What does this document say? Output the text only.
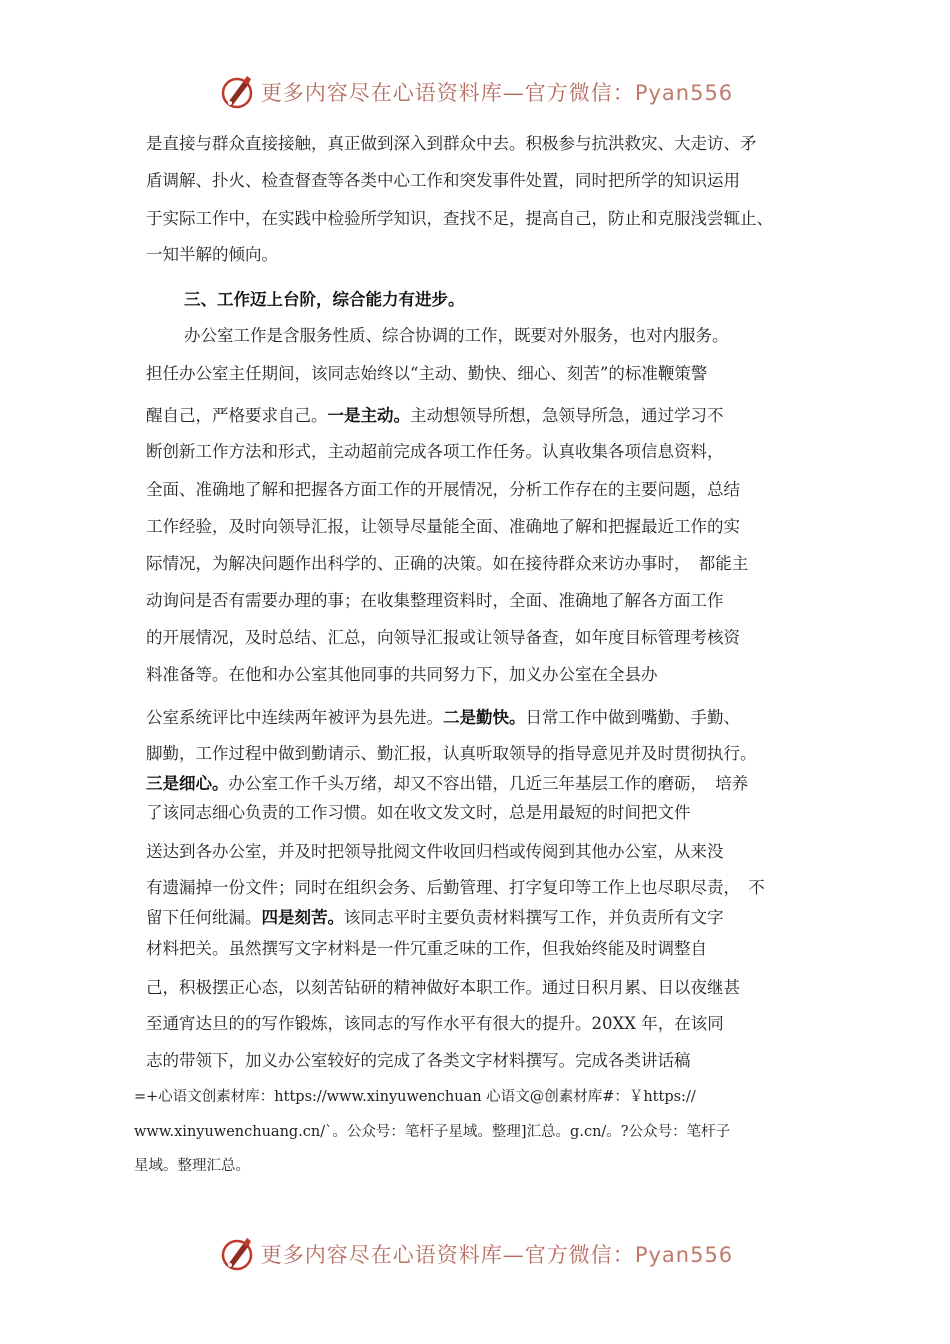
更多内容尽在心语资料库—官方微信：Pyan556
是直接与群众直接接触，真正做到深入到群众中去。积极参与抗洪救灾、大走访、矛
盾调解、扑火、检查督查等各类中心工作和突发事件处置，同时把所学的知识运用
于实际工作中，在实践中检验所学知识，查找不足，提高自己，防止和克服浅尝辄止、
一知半解的倾向。
三、工作迈上台阶，综合能力有进步。
办公室工作是含服务性质、综合协调的工作，既要对外服务，也对内服务。
担任办公室主任期间，该同志始终以“主动、勤快、细心、刻苦”的标准鞭策警
醒自己，严格要求自己。一是主动。主动想领导所想，急领导所急，通过学习不
断创新工作方法和形式，主动超前完成各项工作任务。认真收集各项信息资料，
全面、准确地了解和把握各方面工作的开展情况，分析工作存在的主要问题，总结
工作经验，及时向领导汇报，让领导尽量能全面、准确地了解和把握最近工作的实
际情况，为解决问题作出科学的、正确的决策。如在接待群众来访办事时，　都能主
动询问是否有需要办理的事；在收集整理资料时，全面、准确地了解各方面工作
的开展情况，及时总结、汇总，向领导汇报或让领导备查，如年度目标管理考核资
料准备等。在他和办公室其他同事的共同努力下，加义办公室在全县办
公室系统评比中连续两年被评为县先进。二是勤快。日常工作中做到嘴勤、手勤、
脚勤，工作过程中做到勤请示、勤汇报，认真听取领导的指导意见并及时贯彻执行。
三是细心。办公室工作千头万绪，却又不容出错，几近三年基层工作的磨砺，　培养
了该同志细心负责的工作习惯。如在收文发文时，总是用最短的时间把文件
送达到各办公室，并及时把领导批阅文件收回归档或传阅到其他办公室，从来没
有遗漏掉一份文件；同时在组织会务、后勤管理、打字复印等工作上也尽职尽责，　不
留下任何纰漏。四是刻苦。该同志平时主要负责材料撰写工作，并负责所有文字
材料把关。虽然撰写文字材料是一件冗重乏味的工作，但我始终能及时调整自
己，积极摆正心态，以刻苦钻研的精神做好本职工作。通过日积月累、日以夜继甚
至通宵达旦的的写作锻炼，该同志的写作水平有很大的提升。20XX 年，在该同
志的带领下，加义办公室较好的完成了各类文字材料撰写。完成各类讲话稿
=+心语文创素材库：https://www.xinyuwenchuan 心语文@创素材库#：￥https://
www.xinyuwenchuang.cn/`。公众号：笔杆子星域。整理]汇总。g.cn/。?公众号：笔杆子
星域。整理汇总。
更多内容尽在心语资料库—官方微信：Pyan556
